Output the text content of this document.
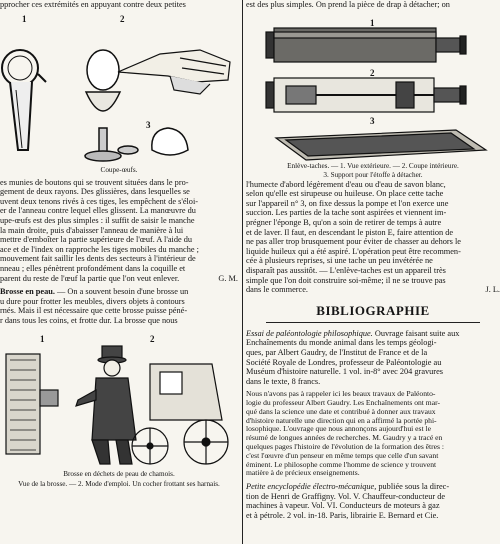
pprocher ces extrémités en appuyant contre deux petites

1	2
3
Coupe-œufs.

es munies de boutons qui se trouvent situées dans le pro-
gement de deux rayons. Des glissières, dans lesquelles se
uvent deux tenons rivés à ces tiges, les empêchent de s'éloi-
er de l'anneau contre lequel elles glissent. La manœuvre du
upe-œufs est des plus simples : il suffit de saisir le manche
la main droite, puis d'abaisser l'anneau de manière à lui
mettre d'emboîter la partie supérieure de l'œuf. A l'aide du
ace et de l'index on rapproche les tiges mobiles du manche ;
mouvement fait saillir les dents des secteurs à l'intérieur de
nneau ; elles pénètrent profondément dans la coquille et
parent du reste de l'œuf la partie que l'on veut enlever.	G. M.

Brosse en peau. — On a souvent besoin d'une brosse un
u dure pour frotter les meubles, divers objets à contours
rnés. Mais il est nécessaire que cette brosse puisse péné-
r dans tous les coins, et frotte dur. La brosse que nous

1	2
Brosse en déchets de peau de chamois.
Vue de la brosse. — 2. Mode d'emploi. Un cocher frottant ses harnais.

est des plus simples. On prend la pièce de drap à détacher; on

1
2
3
Enlève-taches. — 1. Vue extérieure. — 2. Coupe intérieure.
3. Support pour l'étoffe à détacher.

l'humecte d'abord légèrement d'eau ou d'eau de savon blanc,
selon qu'elle est sirupeuse ou huileuse. On place cette tache
sur l'appareil n° 3, on fixe dessus la pompe et l'on exerce une
succion. Les parties de la tache sont aspirées et viennent im-
prégner l'éponge B, qu'on a soin de retirer de temps à autre
et de laver. Il faut, en descendant le piston E, faire attention de
ne pas aller trop brusquement pour éviter de chasser au dehors le
liquide huileux qui a été aspiré. L'opération peut être recommen-
cée à plusieurs reprises, si une tache un peu invétérée ne
disparaît pas aussitôt. — L'enlève-taches est un appareil très
simple que l'on doit construire soi-même; il ne se trouve pas
dans le commerce.	J. L.

BIBLIOGRAPHIE

Essai de paléontologie philosophique. Ouvrage faisant suite aux
Enchaînements du monde animal dans les temps géologi-
ques, par Albert Gaudry, de l'Institut de France et de la
Société Royale de Londres, professeur de Paléontologie au
Muséum d'histoire naturelle. 1 vol. in-8° avec 204 gravures
dans le texte, 8 francs.

Nous n'avons pas à rappeler ici les beaux travaux de Paléonto-
logie du professeur Albert Gaudry. Les Enchaînements ont mar-
qué dans la science une date et contribué à donner aux travaux
d'histoire naturelle une direction qui en a affirmé la portée phi-
losophique. L'ouvrage que nous annonçons aujourd'hui est le
résumé de longues années de recherches. M. Gaudry y a tracé en
quelques pages l'histoire de l'évolution de la formation des êtres :
c'est l'œuvre d'un penseur en même temps que celle d'un savant
éminent. Le philosophe comme l'homme de science y trouvent
matière à de précieux enseignements.

Petite encyclopédie électro-mécanique, publiée sous la direc-
tion de Henri de Graffigny. Vol. V. Chauffeur-conducteur de
machines à vapeur. Vol. VI. Conducteurs de moteurs à gaz
et à pétrole. 2 vol. in-18. Paris, librairie E. Bernard et Cie.
